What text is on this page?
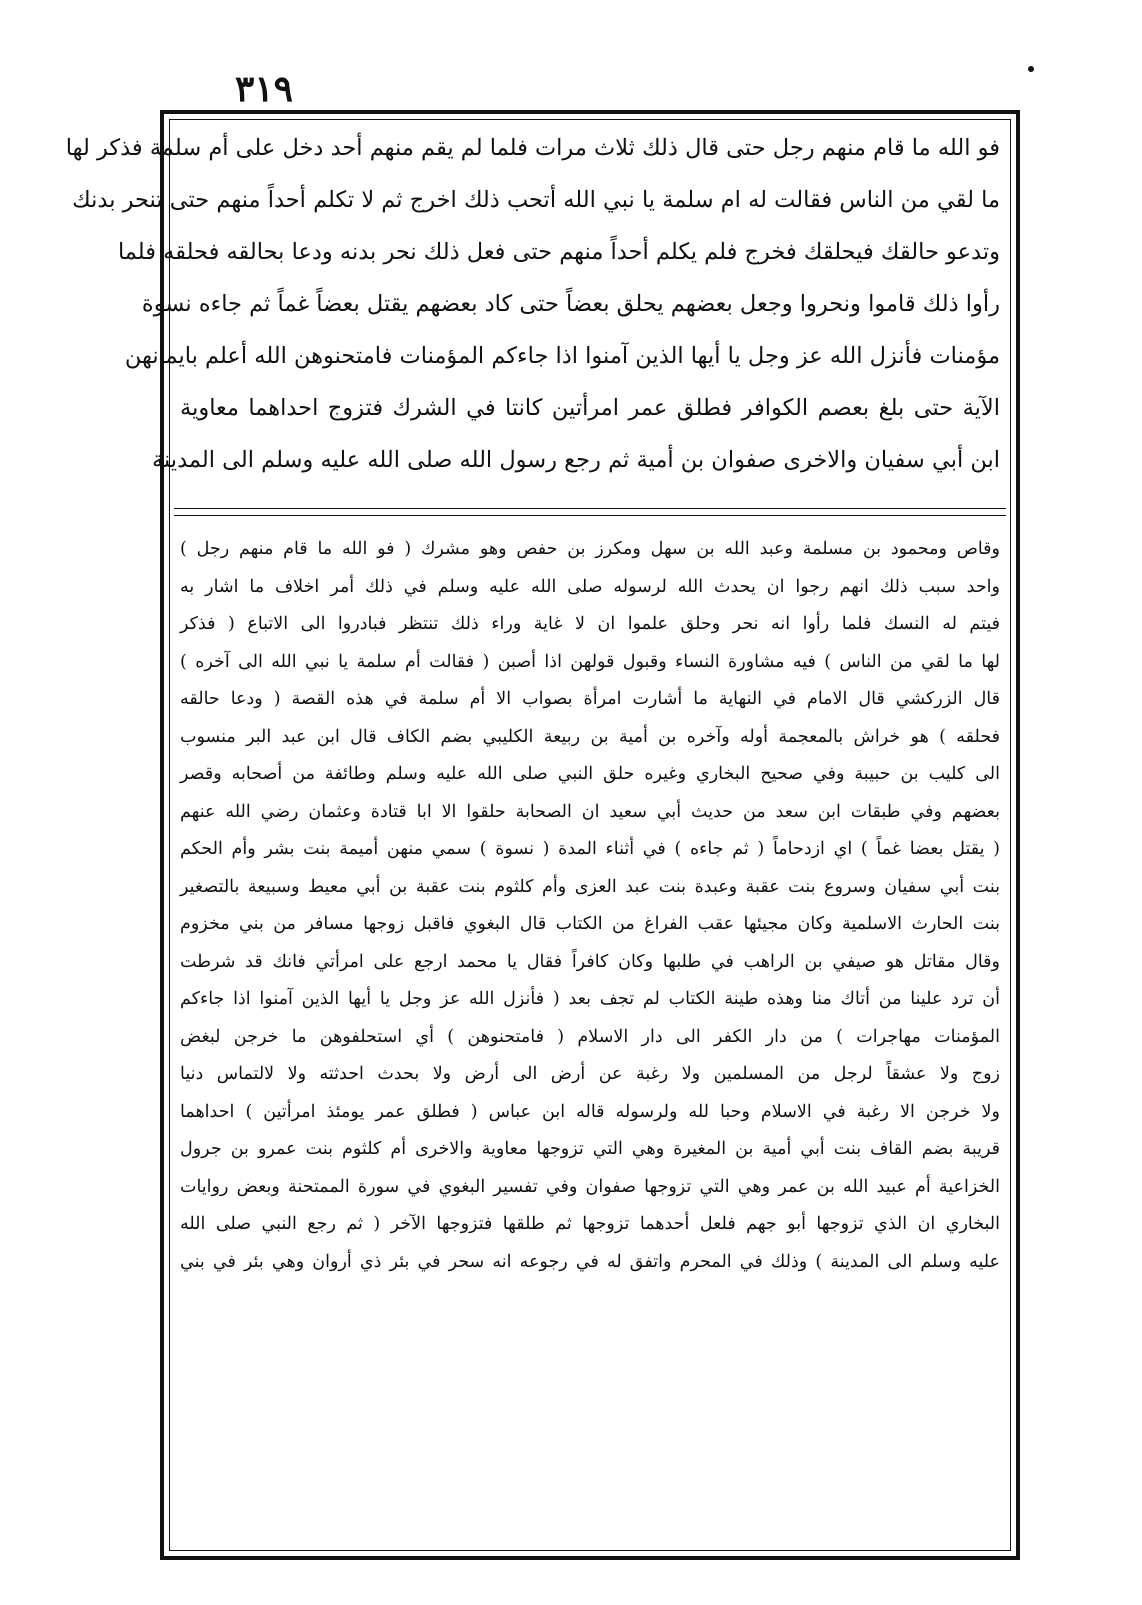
٣١٩
فو الله ما قام منهم رجل حتى قال ذلك ثلاث مرات فلما لم يقم منهم أحد دخل على أم سلمة فذكر لها
ما لقي من الناس فقالت له ام سلمة يا نبي الله أتحب ذلك اخرج ثم لا تكلم أحداً منهم حتى تنحر بدنك
وتدعو حالقك فيحلقك فخرج فلم يكلم أحداً منهم حتى فعل ذلك نحر بدنه ودعا بحالقه فحلقه فلما
رأوا ذلك قاموا ونحروا وجعل بعضهم يحلق بعضاً حتى كاد بعضهم يقتل بعضاً غماً ثم جاءه نسوة
مؤمنات فأنزل الله عز وجل يا أيها الذين آمنوا اذا جاءكم المؤمنات فامتحنوهن الله أعلم بايمانهن
الآية حتى بلغ بعصم الكوافر فطلق عمر امرأتين كانتا في الشرك فتزوج احداهما معاوية
ابن أبي سفيان والاخرى صفوان بن أمية ثم رجع رسول الله صلى الله عليه وسلم الى المدينة
وقاص ومحمود بن مسلمة وعبد الله بن سهل ومكرز بن حفص وهو مشرك ( فو الله ما قام منهم رجل )
واحد سبب ذلك انهم رجوا ان يحدث الله لرسوله صلى الله عليه وسلم في ذلك أمر اخلاف ما اشار به
فيتم له النسك فلما رأوا انه نحر وحلق علموا ان لا غاية وراء ذلك تنتظر فبادروا الى الاتباع ( فذكر
لها ما لقي من الناس ) فيه مشاورة النساء وقبول قولهن اذا أصبن ( فقالت أم سلمة يا نبي الله الى آخره )
قال الزركشي قال الامام في النهاية ما أشارت امرأة بصواب الا أم سلمة في هذه القصة ( ودعا حالقه
فحلقه ) هو خراش بالمعجمة أوله وآخره بن أمية بن ربيعة الكليبي بضم الكاف قال ابن عبد البر منسوب
الى كليب بن حبيبة وفي صحيح البخاري وغيره حلق النبي صلى الله عليه وسلم وطائفة من أصحابه وقصر
بعضهم وفي طبقات ابن سعد من حديث أبي سعيد ان الصحابة حلقوا الا ابا قتادة وعثمان رضي الله عنهم
( يقتل بعضا غماً ) اي ازدحاماً ( ثم جاءه ) في أثناء المدة ( نسوة ) سمي منهن أميمة بنت بشر وأم الحكم
بنت أبي سفيان وسروع بنت عقبة وعبدة بنت عبد العزى وأم كلثوم بنت عقبة بن أبي معيط وسبيعة بالتصغير
بنت الحارث الاسلمية وكان مجيئها عقب الفراغ من الكتاب قال البغوي فاقبل زوجها مسافر من بني مخزوم
وقال مقاتل هو صيفي بن الراهب في طلبها وكان كافراً فقال يا محمد ارجع على امرأتي فانك قد شرطت
أن ترد علينا من أتاك منا وهذه طينة الكتاب لم تجف بعد ( فأنزل الله عز وجل يا أيها الذين آمنوا اذا جاءكم
المؤمنات مهاجرات ) من دار الكفر الى دار الاسلام ( فامتحنوهن ) أي استحلفوهن ما خرجن لبغض
زوج ولا عشقاً لرجل من المسلمين ولا رغبة عن أرض الى أرض ولا بحدث احدثته ولا لالتماس دنيا
ولا خرجن الا رغبة في الاسلام وحبا لله ولرسوله قاله ابن عباس ( فطلق عمر يومئذ امرأتين ) احداهما
قريبة بضم القاف بنت أبي أمية بن المغيرة وهي التي تزوجها معاوية والاخرى أم كلثوم بنت عمرو بن جرول
الخزاعية أم عبيد الله بن عمر وهي التي تزوجها صفوان وفي تفسير البغوي في سورة الممتحنة وبعض روايات
البخاري ان الذي تزوجها أبو جهم فلعل أحدهما تزوجها ثم طلقها فتزوجها الآخر ( ثم رجع النبي صلى الله
عليه وسلم الى المدينة ) وذلك في المحرم واتفق له في رجوعه انه سحر في بئر ذي أروان وهي بئر في بني
